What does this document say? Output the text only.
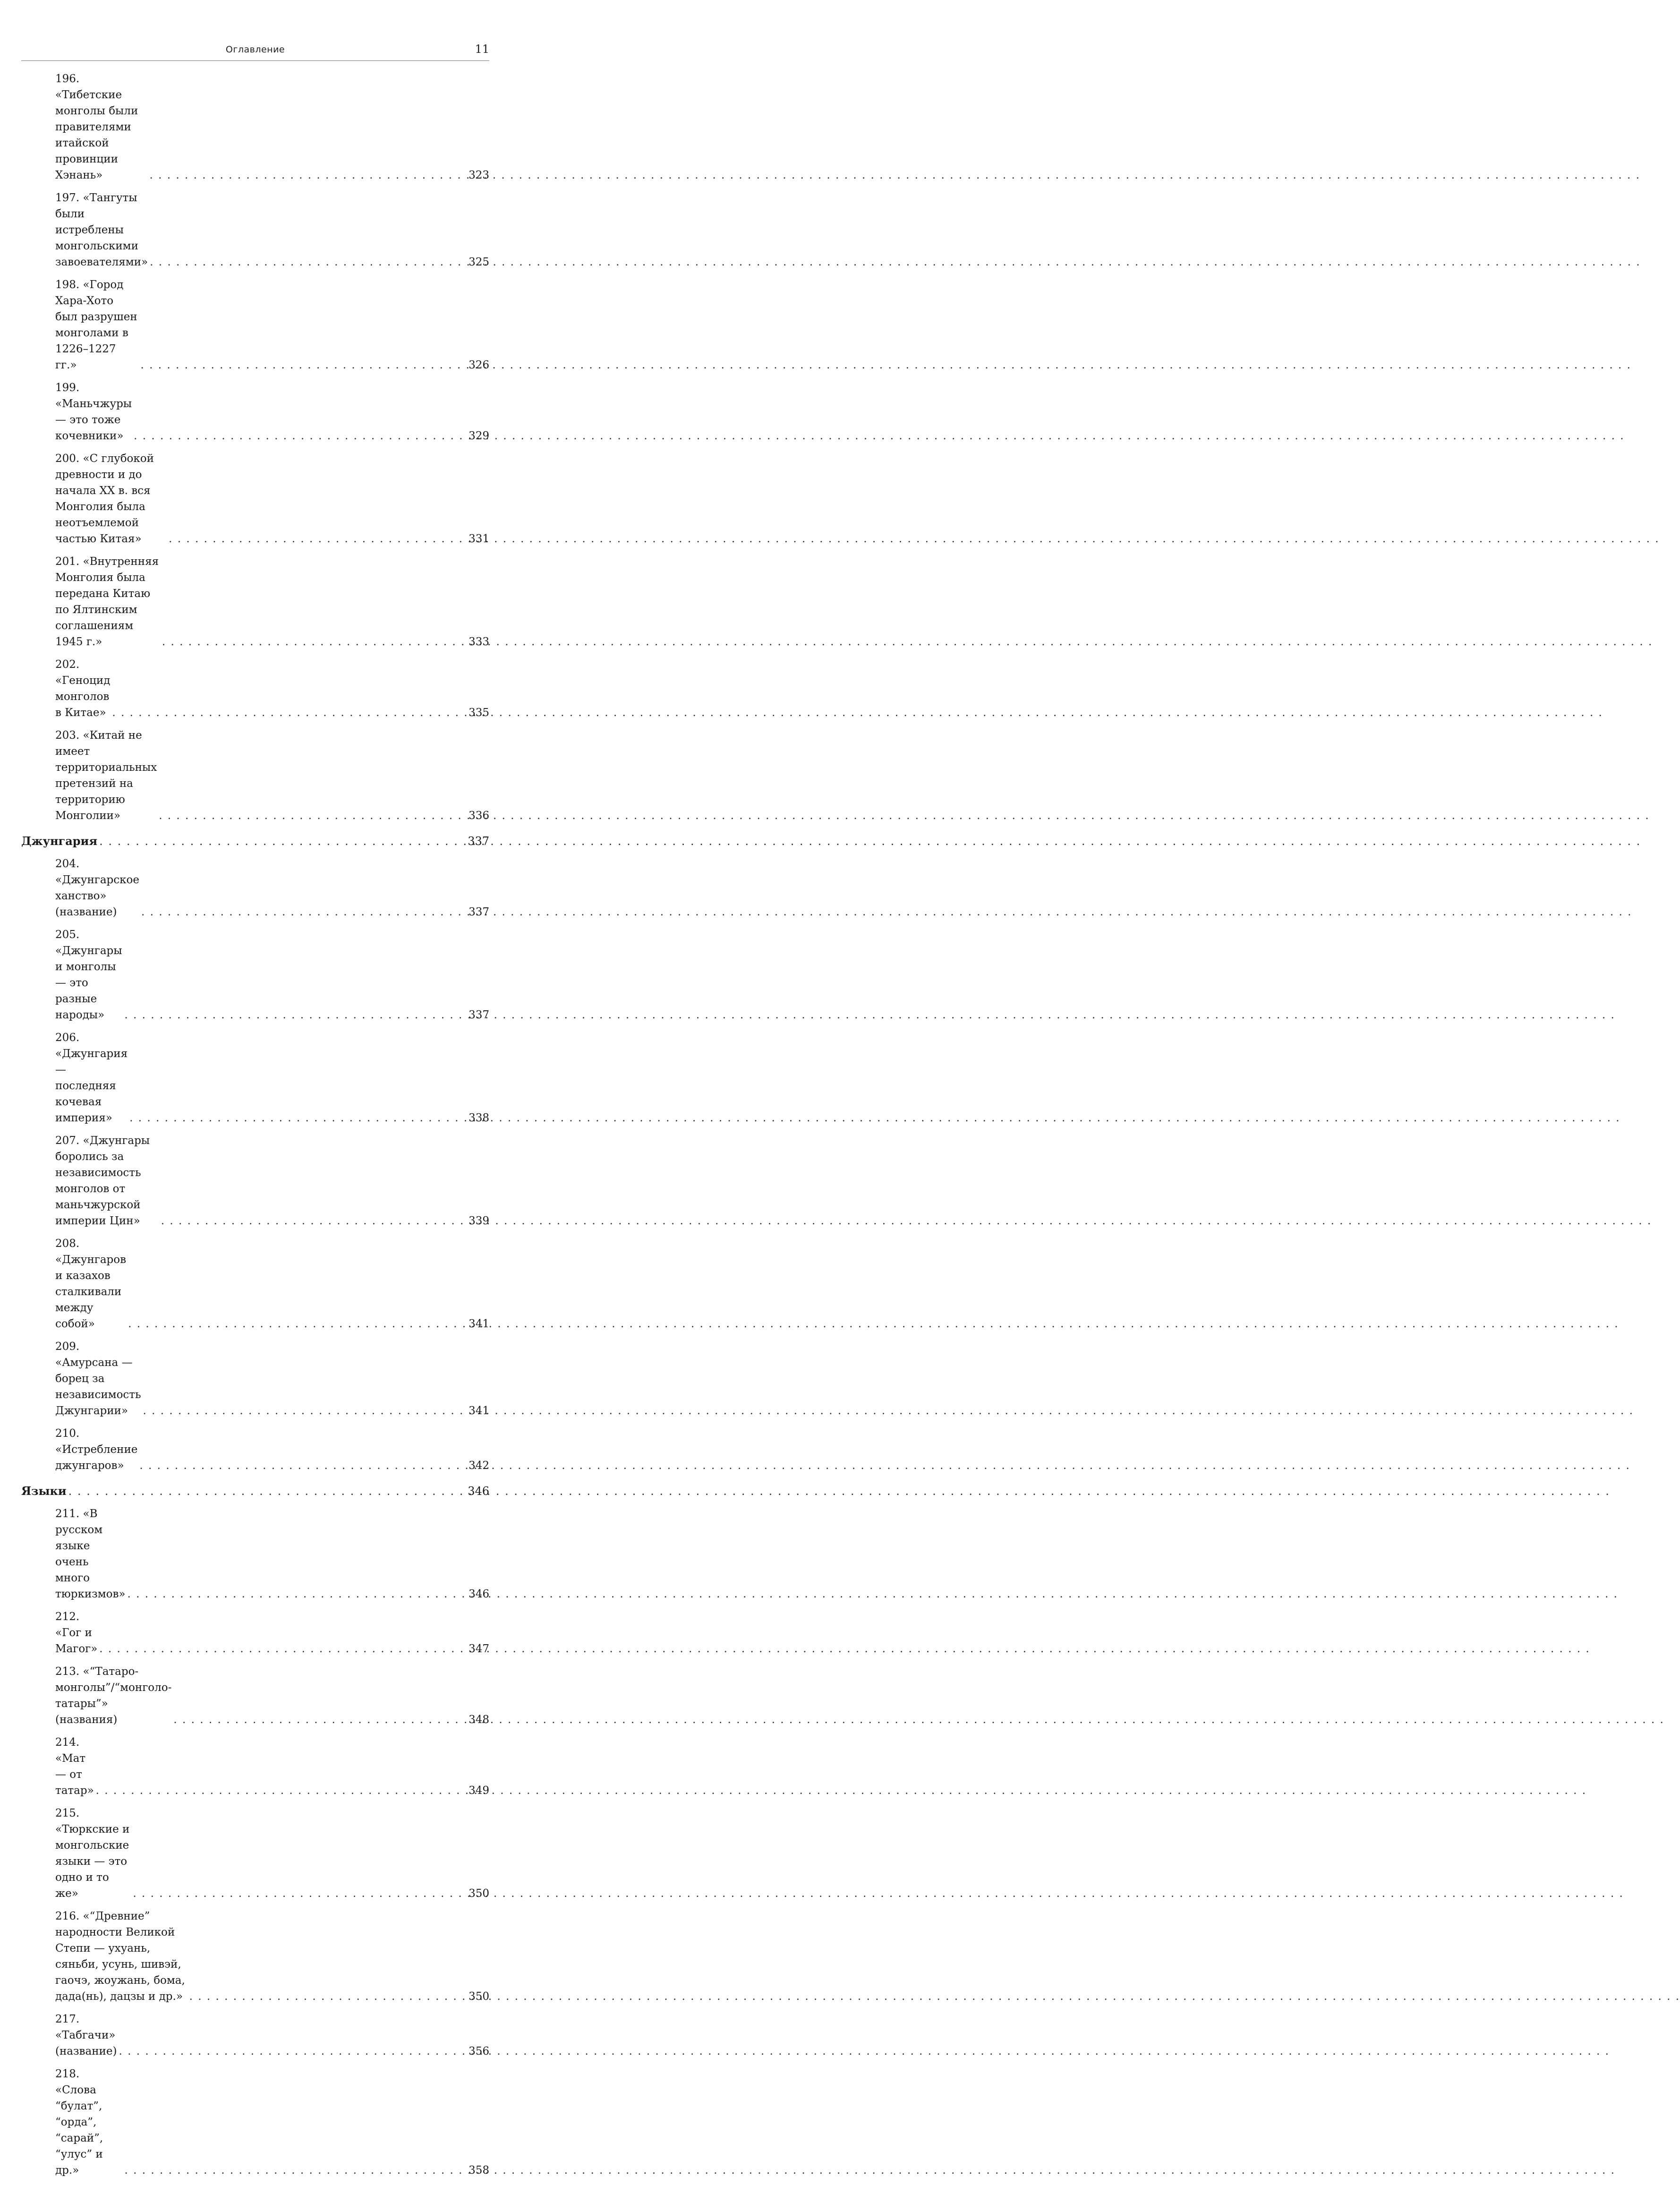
Оглавление	11
196. «Тибетские монголы были правителями итайской провинции Хэнань» . . .	323
197. «Тангуты были истреблены монгольскими завоевателями» . . .	325
198. «Город Хара-Хото был разрушен монголами в 1226–1227 гг.» . . .	326
199. «Маньчжуры — это тоже кочевники» . . .	329
200. «С глубокой древности и до начала XX в. вся Монголия была неотъемлемой частью Китая» . . .	331
201. «Внутренняя Монголия была передана Китаю по Ялтинским соглашениям 1945 г.» . . .	333
202. «Геноцид монголов в Китае» . . .	335
203. «Китай не имеет территориальных претензий на территорию Монголии» . . .	336
Джунгария . . .	337
204. «Джунгарское ханство» (название) . . .	337
205. «Джунгары и монголы — это разные народы» . . .	337
206. «Джунгария — последняя кочевая империя» . . .	338
207. «Джунгары боролись за независимость монголов от маньчжурской империи Цин» . . .	339
208. «Джунгаров и казахов сталкивали между собой» . . .	341
209. «Амурсана — борец за независимость Джунгарии» . . .	341
210. «Истребление джунгаров» . . .	342
Языки . . .	346
211. «В русском языке очень много тюркизмов» . . .	346
212. «Гог и Магог» . . .	347
213. «“Татаро-монголы”/“монголо-татары”» (названия) . . .	348
214. «Мат — от татар» . . .	349
215. «Тюркские и монгольские языки — это одно и то же» . . .	350
216. «“Древние” народности Великой Степи — ухуань, сяньби, усунь, шивэй, гаочэ, жоужань, бома, дада(нь), дацзы и др.» . . .	350
217. «Табгачи» (название) . . .	356
218. «Слова “булат”, “орда”, “сарай”, “улус” и др.» . . .	358
